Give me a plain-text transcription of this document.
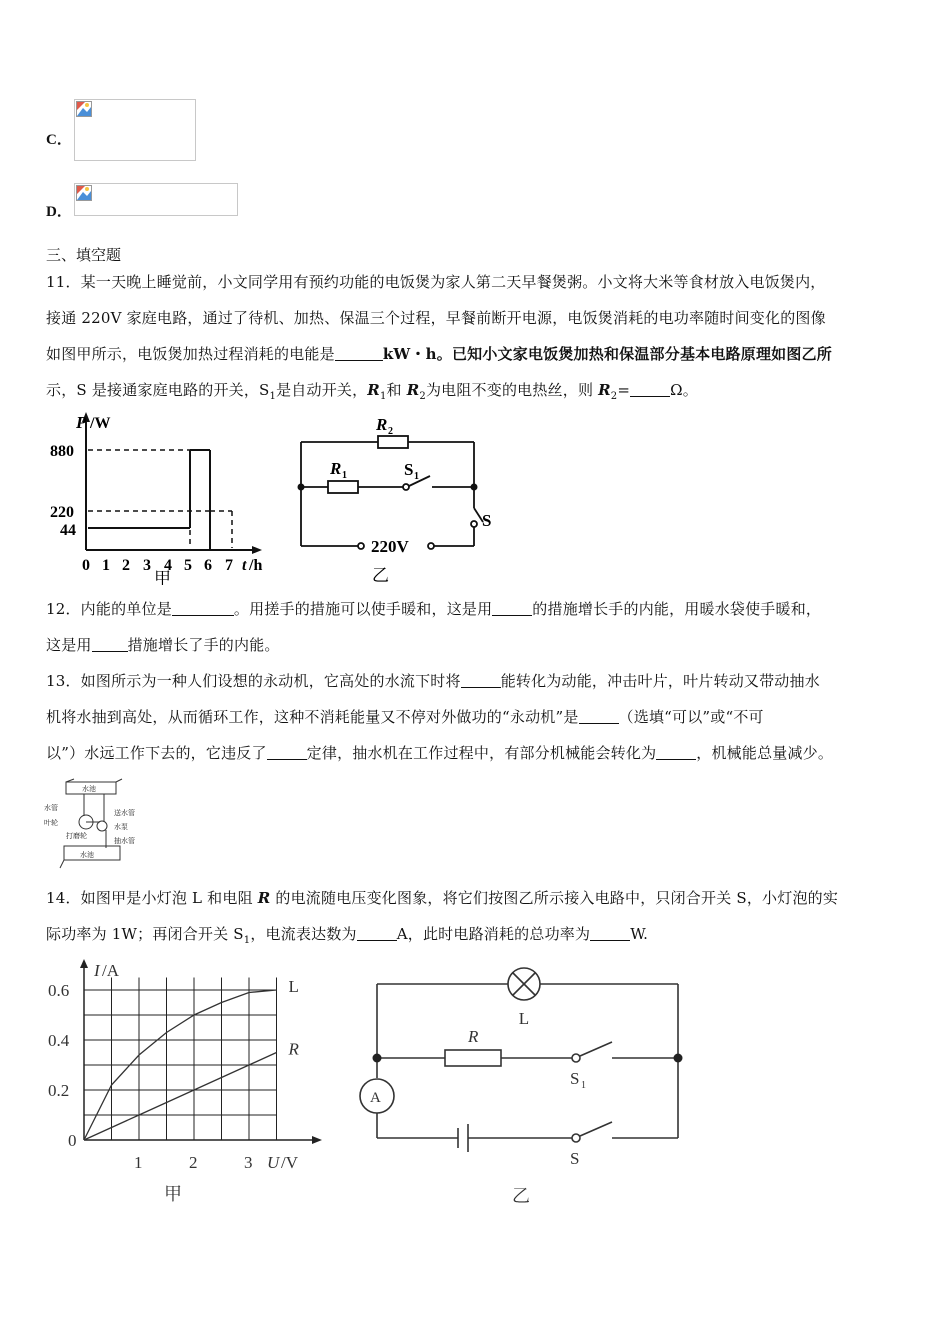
C．
D．
三、填空题
11．某一天晚上睡觉前，小文同学用有预约功能的电饭煲为家人第二天早餐煲粥。小文将大米等食材放入电饭煲内，
接通 220V 家庭电路，通过了待机、加热、保温三个过程，早餐前断开电源，电饭煲消耗的电功率随时间变化的图像
如图甲所示，电饭煲加热过程消耗的电能是	kW・h。已知小文家电饭煲加热和保温部分基本电路原理如图乙所
示，S 是接通家庭电路的开关，$S_1$是自动开关，$R_1$和 $R_2$为电阻不变的电热丝，则 $R_2=$	Ω。
P /W
880
220
44
0 1 2 3 4 5 6 7 t /h
甲
R 2
R 1	S 1
S
220V
乙
12．内能的单位是	。用搓手的措施可以使手暖和，这是用	的措施增长手的内能，用暖水袋使手暖和，
这是用 措施增长了手的内能。
13．如图所示为一种人们设想的永动机，它高处的水流下时将	能转化为动能，冲击叶片，叶片转动又带动抽水
机将水抽到高处，从而循环工作，这种不消耗能量又不停对外做功的“永动机”是	（选填“可以”或“不可
以”）水远工作下去的，它违反了	定律，抽水机在工作过程中，有部分机械能会转化为	，机械能总量减少。
水池
水管
叶轮
送水管
水泵
打磨轮
抽水管
水池
14．如图甲是小灯泡 L 和电阻 R 的电流随电压变化图象，将它们按图乙所示接入电路中，只闭合开关 S，小灯泡的实
际功率为 1W；再闭合开关 $S_1$，电流表达数为	A，此时电路消耗的总功率为	W.
L
R
1	2	3
0.6
0.4
0.2
0
I /A
U /V
甲
L
R
A
S 1
S
乙
